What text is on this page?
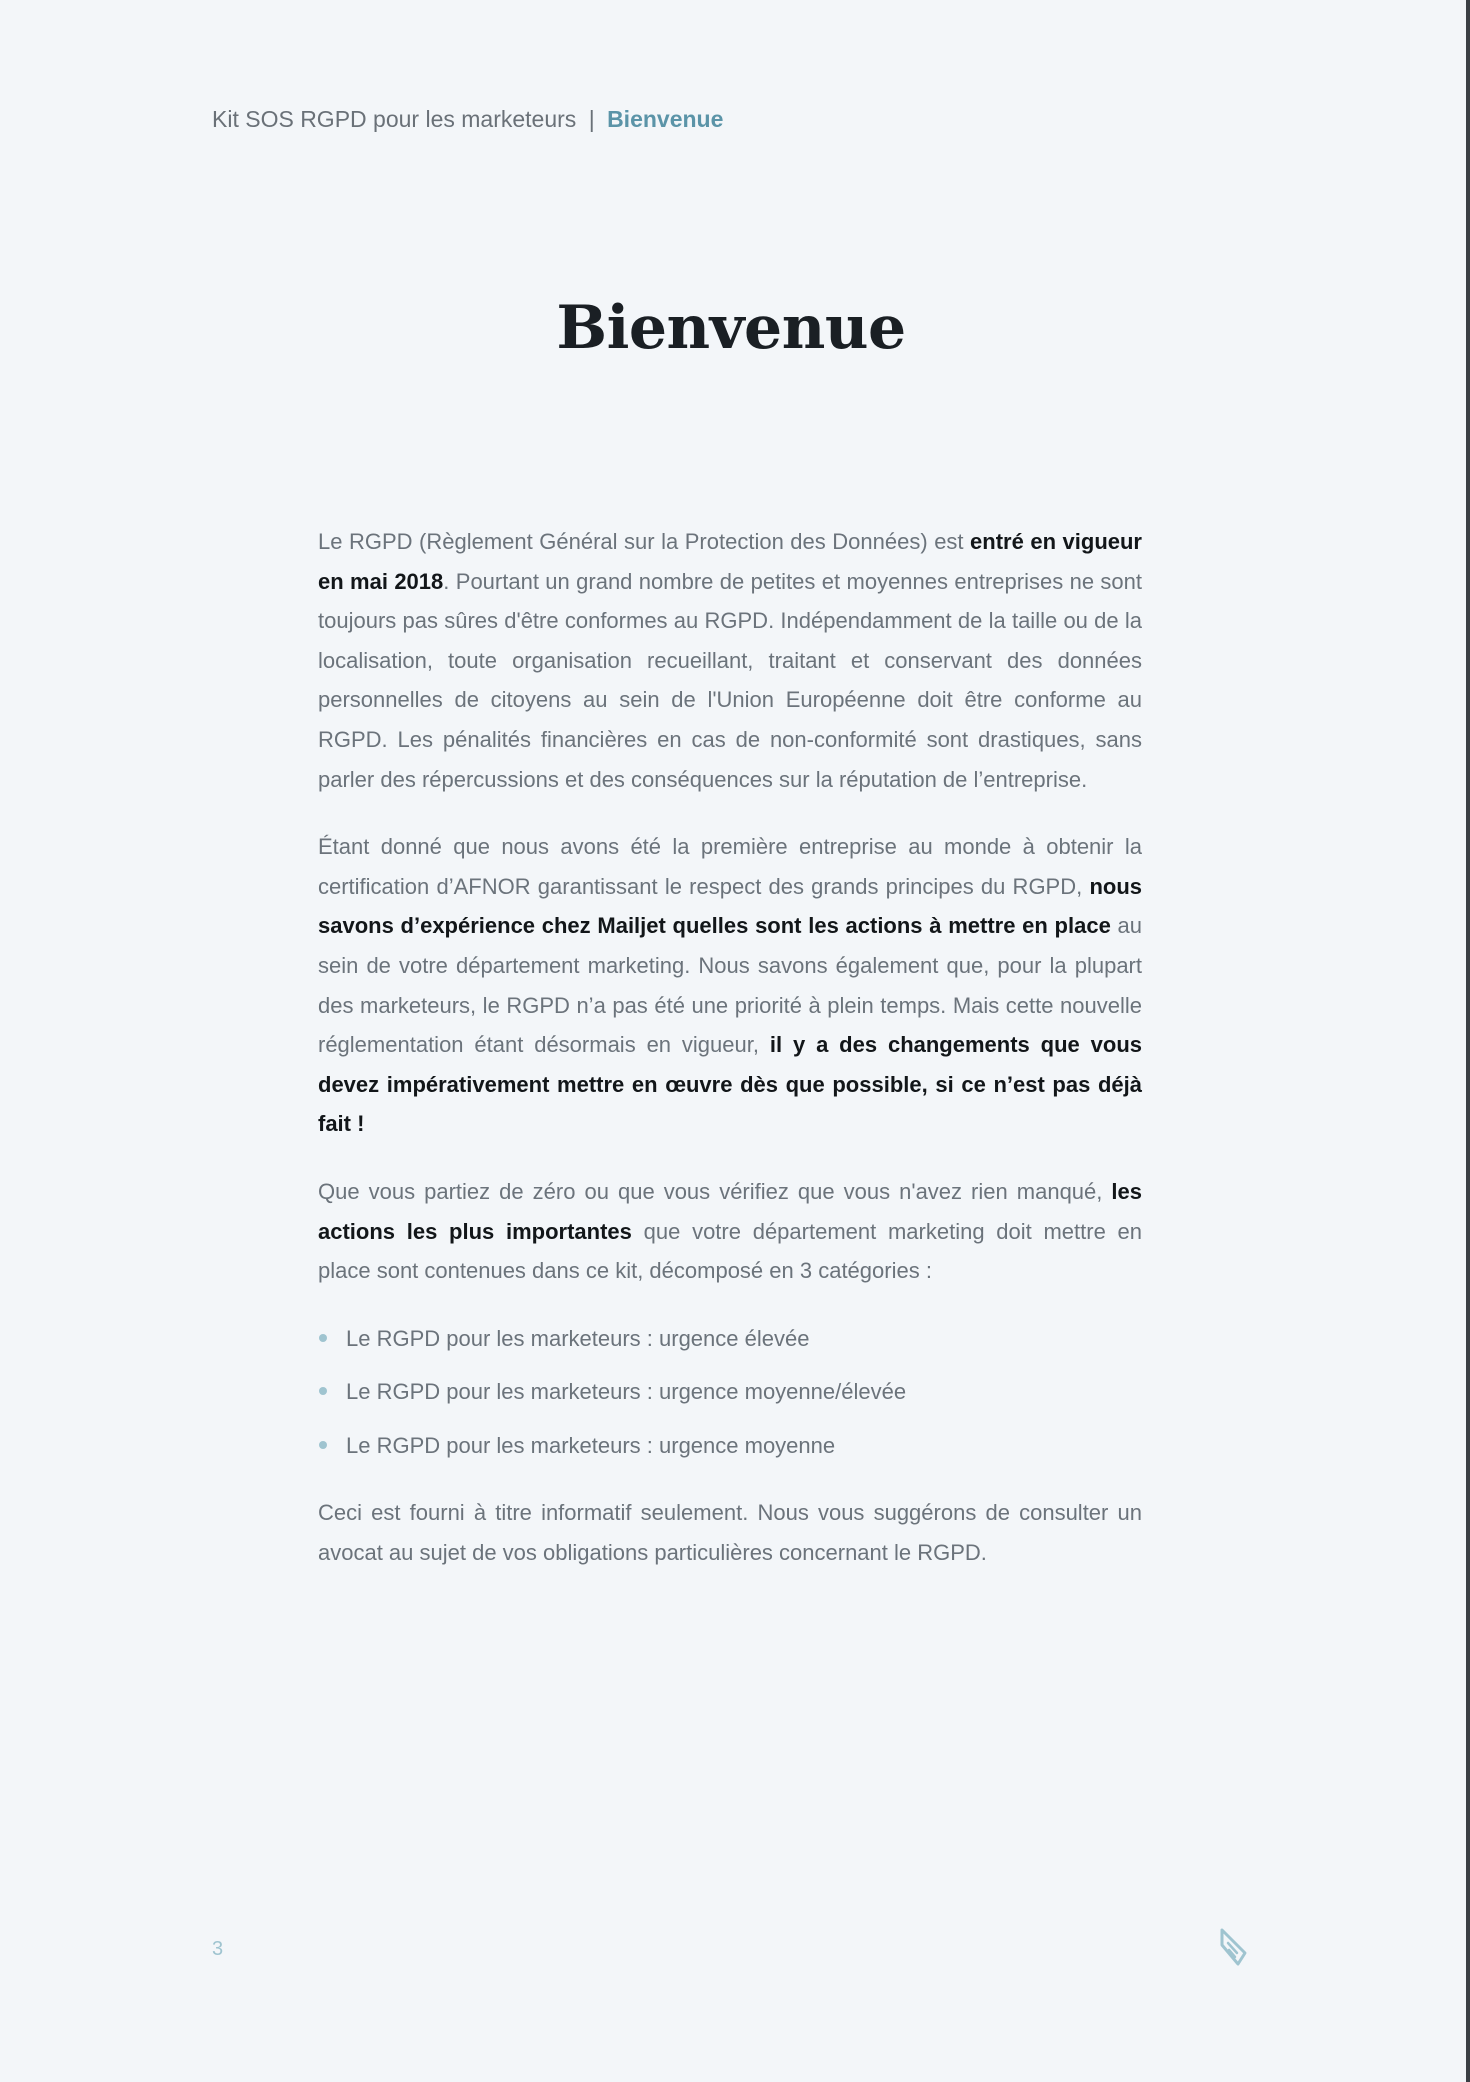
Kit SOS RGPD pour les marketeurs | Bienvenue
Bienvenue

Le RGPD (Règlement Général sur la Protection des Données) est entré en vigueur en mai 2018. Pourtant un grand nombre de petites et moyennes entreprises ne sont toujours pas sûres d'être conformes au RGPD. Indépendamment de la taille ou de la localisation, toute organisation recueillant, traitant et conservant des données personnelles de citoyens au sein de l'Union Européenne doit être conforme au RGPD. Les pénalités financières en cas de non-conformité sont drastiques, sans parler des répercussions et des conséquences sur la réputation de l’entreprise.

Étant donné que nous avons été la première entreprise au monde à obtenir la certification d’AFNOR garantissant le respect des grands principes du RGPD, nous savons d’expérience chez Mailjet quelles sont les actions à mettre en place au sein de votre département marketing. Nous savons également que, pour la plupart des marketeurs, le RGPD n’a pas été une priorité à plein temps. Mais cette nouvelle réglementation étant désormais en vigueur, il y a des changements que vous devez impérativement mettre en œuvre dès que possible, si ce n’est pas déjà fait !

Que vous partiez de zéro ou que vous vérifiez que vous n'avez rien manqué, les actions les plus importantes que votre département marketing doit mettre en place sont contenues dans ce kit, décomposé en 3 catégories :

Le RGPD pour les marketeurs : urgence élevée
Le RGPD pour les marketeurs : urgence moyenne/élevée
Le RGPD pour les marketeurs : urgence moyenne

Ceci est fourni à titre informatif seulement. Nous vous suggérons de consulter un avocat au sujet de vos obligations particulières concernant le RGPD.

3
